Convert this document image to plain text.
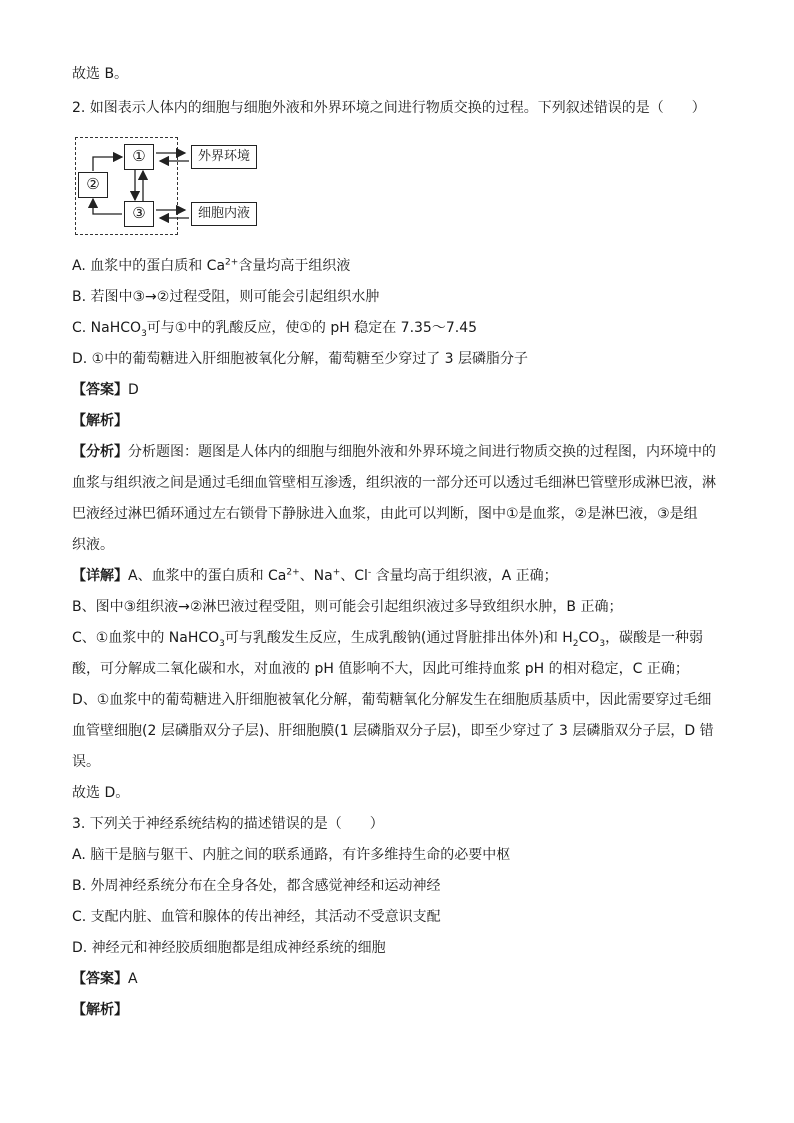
故选 B。
2. 如图表示人体内的细胞与细胞外液和外界环境之间进行物质交换的过程。下列叙述错误的是（　　）
①
②
③
外界环境
细胞内液
A. 血浆中的蛋白质和 $Ca^{2+}$含量均高于组织液
B. 若图中③→②过程受阻，则可能会引起组织水肿
C. NaHCO$_3$可与①中的乳酸反应，使①的 pH 稳定在 7.35～7.45
D. ①中的葡萄糖进入肝细胞被氧化分解，葡萄糖至少穿过了 3 层磷脂分子
【答案】D
【解析】
【分析】分析题图：题图是人体内的细胞与细胞外液和外界环境之间进行物质交换的过程图，内环境中的
血浆与组织液之间是通过毛细血管壁相互渗透，组织液的一部分还可以透过毛细淋巴管壁形成淋巴液，淋
巴液经过淋巴循环通过左右锁骨下静脉进入血浆，由此可以判断，图中①是血浆，②是淋巴液，③是组
织液。
【详解】A、血浆中的蛋白质和 $Ca^{2+}$、Na+、Cl- 含量均高于组织液，A 正确；
B、图中③组织液→②淋巴液过程受阻，则可能会引起组织液过多导致组织水肿，B 正确；
C、①血浆中的 NaHCO$_3$可与乳酸发生反应，生成乳酸钠(通过肾脏排出体外)和 $H_2CO_3$，碳酸是一种弱
酸，可分解成二氧化碳和水，对血液的 pH 值影响不大，因此可维持血浆 pH 的相对稳定，C 正确；
D、①血浆中的葡萄糖进入肝细胞被氧化分解，葡萄糖氧化分解发生在细胞质基质中，因此需要穿过毛细
血管壁细胞(2 层磷脂双分子层)、肝细胞膜(1 层磷脂双分子层)，即至少穿过了 3 层磷脂双分子层，D 错
误。
故选 D。
3. 下列关于神经系统结构的描述错误的是（　　）
A. 脑干是脑与躯干、内脏之间的联系通路，有许多维持生命的必要中枢
B. 外周神经系统分布在全身各处，都含感觉神经和运动神经
C. 支配内脏、血管和腺体的传出神经，其活动不受意识支配
D. 神经元和神经胶质细胞都是组成神经系统的细胞
【答案】A
【解析】
